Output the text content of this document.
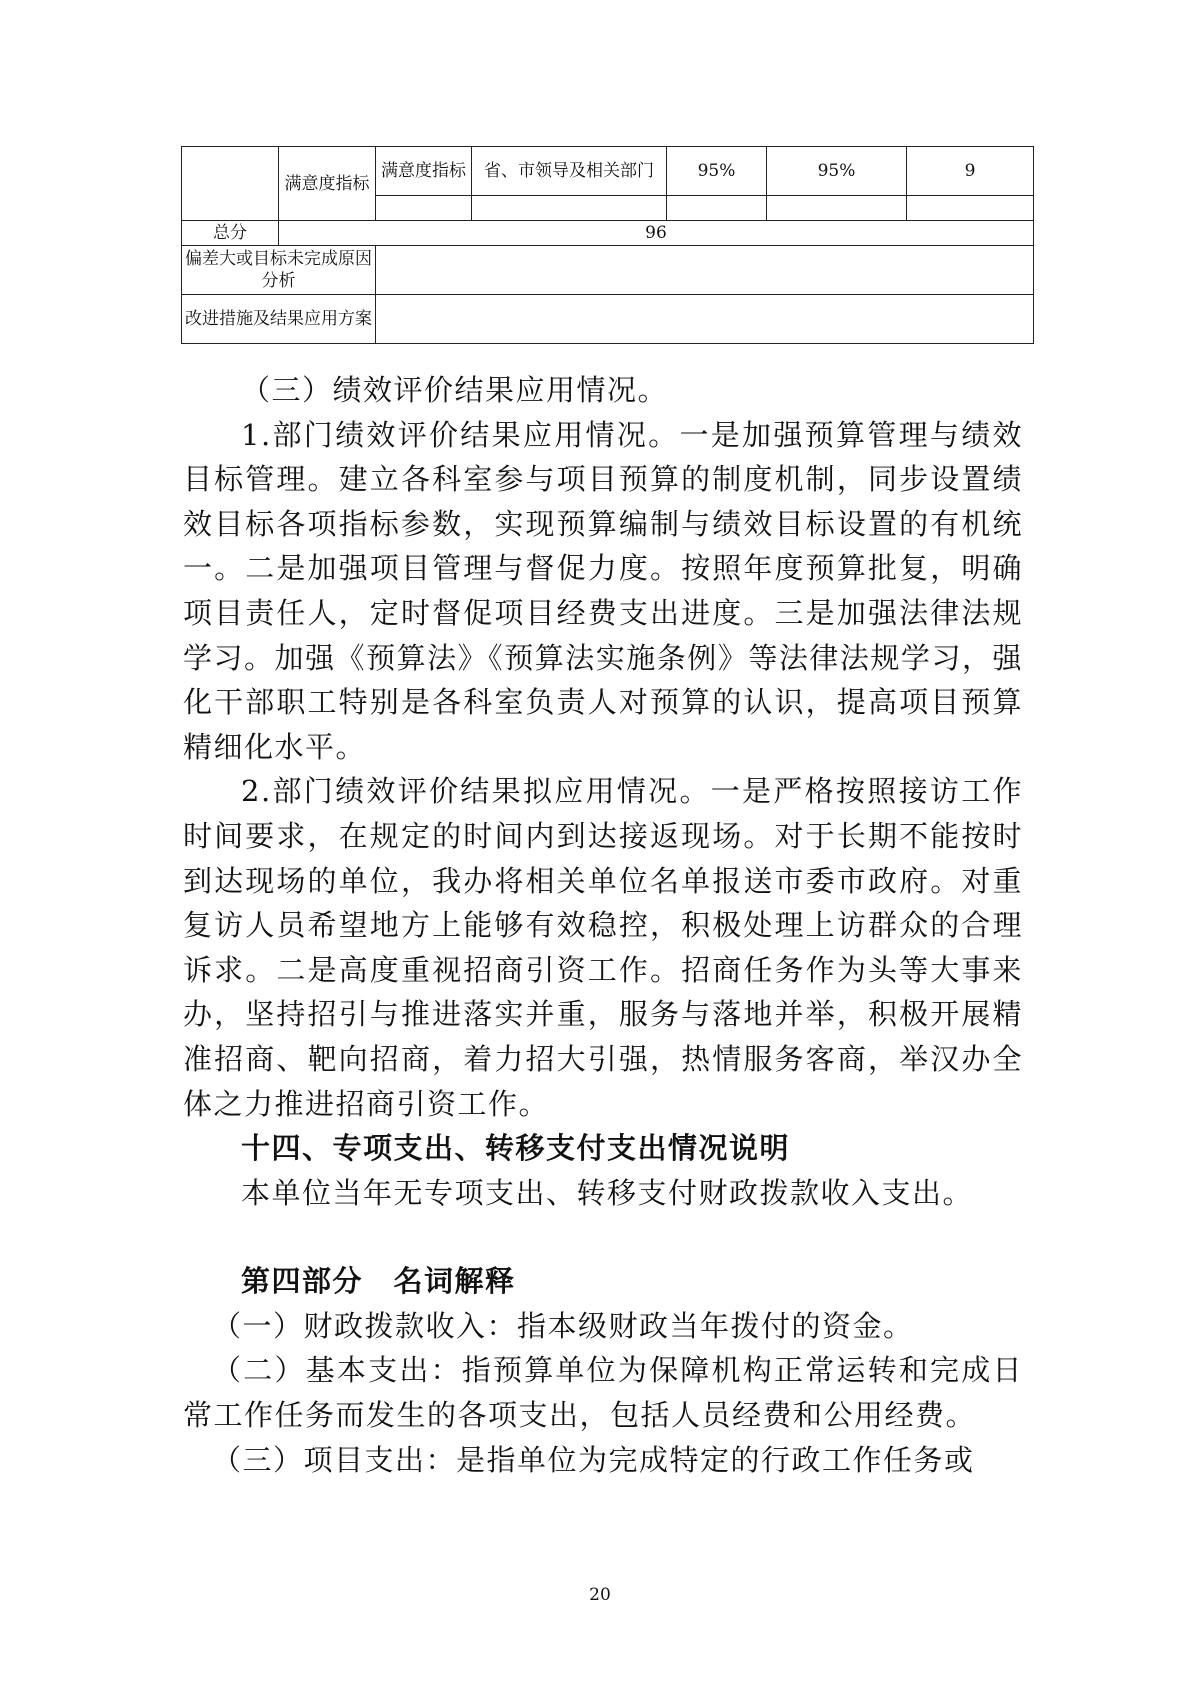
	满意度指标	满意度指标	省、市领导及相关部门	95%	95%	9

总分	96					
偏差大或目标未完成原因分析						
改进措施及结果应用方案						

（三）绩效评价结果应用情况。

1.部门绩效评价结果应用情况。一是加强预算管理与绩效目标管理。建立各科室参与项目预算的制度机制，同步设置绩效目标各项指标参数，实现预算编制与绩效目标设置的有机统一。二是加强项目管理与督促力度。按照年度预算批复，明确项目责任人，定时督促项目经费支出进度。三是加强法律法规学习。加强《预算法》《预算法实施条例》等法律法规学习，强化干部职工特别是各科室负责人对预算的认识，提高项目预算精细化水平。

2.部门绩效评价结果拟应用情况。一是严格按照接访工作时间要求，在规定的时间内到达接返现场。对于长期不能按时到达现场的单位，我办将相关单位名单报送市委市政府。对重复访人员希望地方上能够有效稳控，积极处理上访群众的合理诉求。二是高度重视招商引资工作。招商任务作为头等大事来办，坚持招引与推进落实并重，服务与落地并举，积极开展精准招商、靶向招商，着力招大引强，热情服务客商，举汉办全体之力推进招商引资工作。

十四、专项支出、转移支付支出情况说明

本单位当年无专项支出、转移支付财政拨款收入支出。

第四部分　名词解释

（一）财政拨款收入：指本级财政当年拨付的资金。

（二）基本支出：指预算单位为保障机构正常运转和完成日常工作任务而发生的各项支出，包括人员经费和公用经费。

（三）项目支出：是指单位为完成特定的行政工作任务或

20
